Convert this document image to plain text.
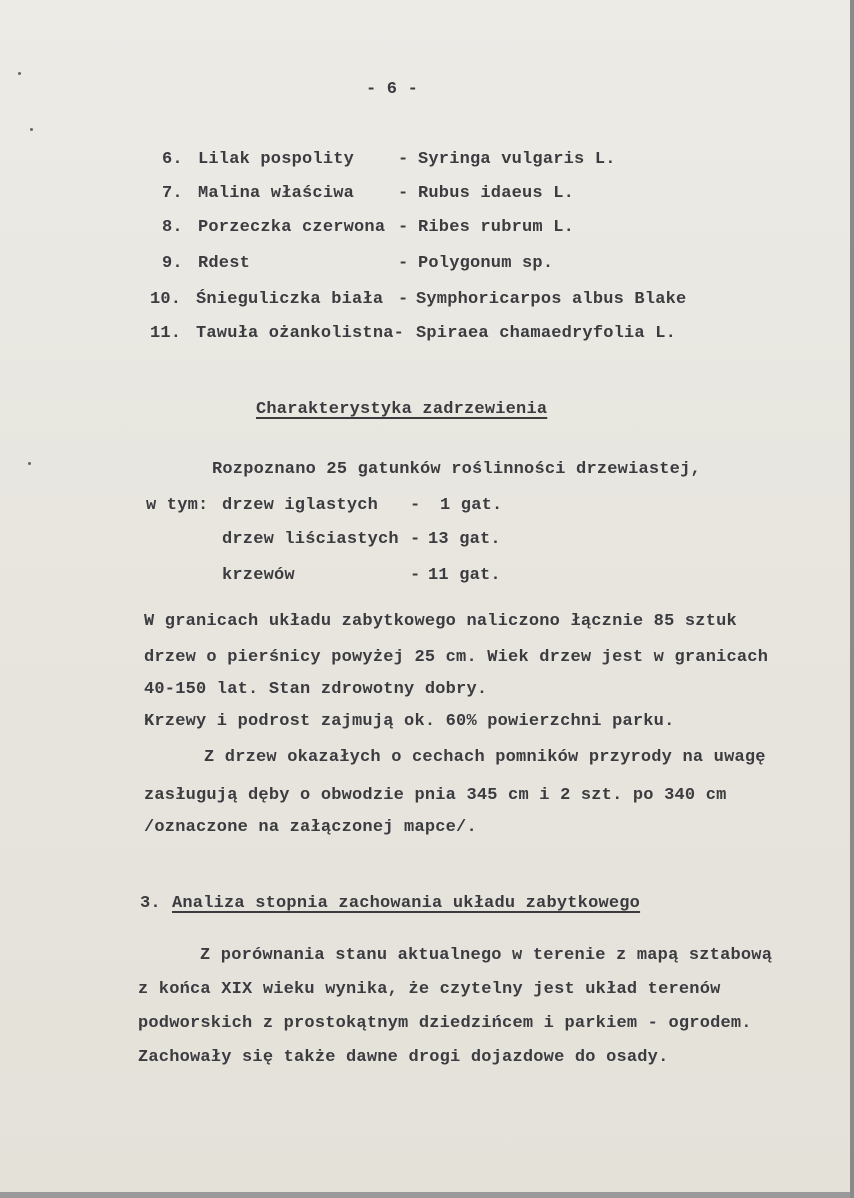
- 6 -
6. Lilak pospolity	- Syringa vulgaris L.
7. Malina właściwa	- Rubus idaeus L.
8. Porzeczka czerwona - Ribes rubrum L.
9. Rdest	- Polygonum sp.
10. Śnieguliczka biała - Symphoricarpos albus Blake
11. Tawuła ożankolistna- Spiraea chamaedryfolia L.
Charakterystyka zadrzewienia
Rozpoznano 25 gatunków roślinności drzewiastej,
w tym: drzew iglastych - 1 gat.
drzew liściastych - 13 gat.
krzewów	- 11 gat.
W granicach układu zabytkowego naliczono łącznie 85 sztuk
drzew o pierśnicy powyżej 25 cm. Wiek drzew jest w granicach
40-150 lat. Stan zdrowotny dobry.
Krzewy i podrost zajmują ok. 60% powierzchni parku.
Z drzew okazałych o cechach pomników przyrody na uwagę
zasługują dęby o obwodzie pnia 345 cm i 2 szt. po 340 cm
/oznaczone na załączonej mapce/.
3. Analiza stopnia zachowania układu zabytkowego
Z porównania stanu aktualnego w terenie z mapą sztabową
z końca XIX wieku wynika, że czytelny jest układ terenów
podworskich z prostokątnym dziedzińcem i parkiem - ogrodem.
Zachowały się także dawne drogi dojazdowe do osady.
